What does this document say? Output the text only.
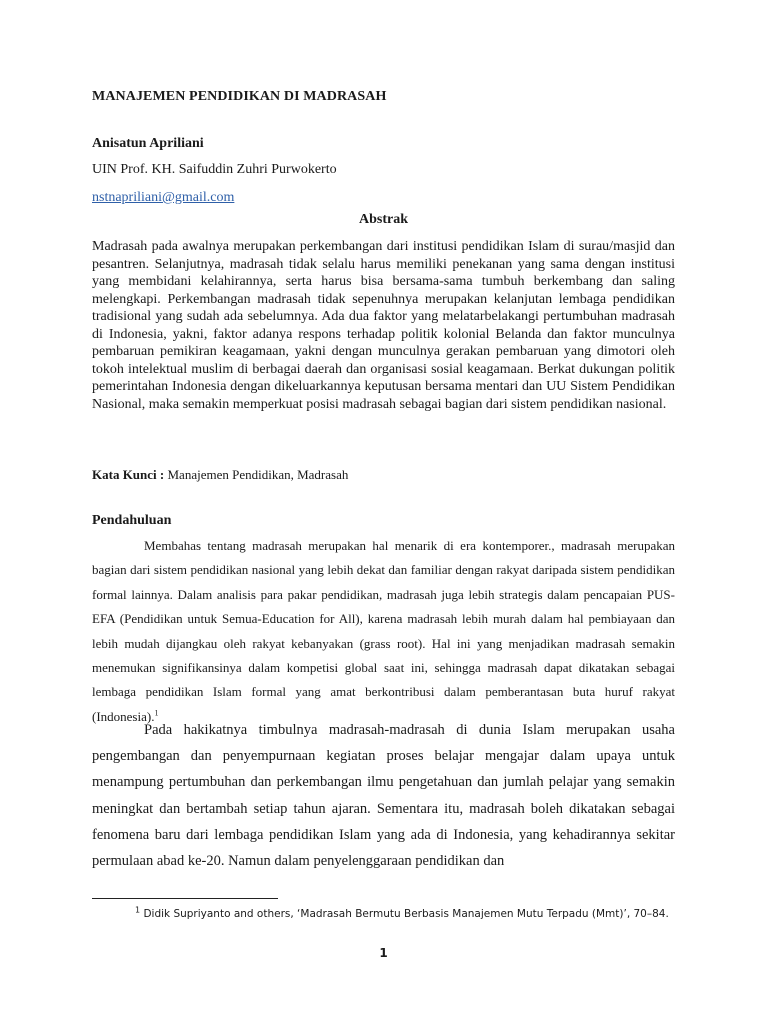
MANAJEMEN PENDIDIKAN DI MADRASAH
Anisatun Apriliani
UIN Prof. KH. Saifuddin Zuhri Purwokerto
nstnapriliani@gmail.com
Abstrak
Madrasah pada awalnya merupakan perkembangan dari institusi pendidikan Islam di surau/masjid dan pesantren. Selanjutnya, madrasah tidak selalu harus memiliki penekanan yang sama dengan institusi yang membidani kelahirannya, serta harus bisa bersama-sama tumbuh berkembang dan saling melengkapi. Perkembangan madrasah tidak sepenuhnya merupakan kelanjutan lembaga pendidikan tradisional yang sudah ada sebelumnya. Ada dua faktor yang melatarbelakangi pertumbuhan madrasah di Indonesia, yakni, faktor adanya respons terhadap politik kolonial Belanda dan faktor munculnya pembaruan pemikiran keagamaan, yakni dengan munculnya gerakan pembaruan yang dimotori oleh tokoh intelektual muslim di berbagai daerah dan organisasi sosial keagamaan. Berkat dukungan politik pemerintahan Indonesia dengan dikeluarkannya keputusan bersama mentari dan UU Sistem Pendidikan Nasional, maka semakin memperkuat posisi madrasah sebagai bagian dari sistem pendidikan nasional.
Kata Kunci : Manajemen Pendidikan, Madrasah
Pendahuluan
Membahas tentang madrasah merupakan hal menarik di era kontemporer., madrasah merupakan bagian dari sistem pendidikan nasional yang lebih dekat dan familiar dengan rakyat daripada sistem pendidikan formal lainnya. Dalam analisis para pakar pendidikan, madrasah juga lebih strategis dalam pencapaian PUS- EFA (Pendidikan untuk Semua-Education for All), karena madrasah lebih murah dalam hal pembiayaan dan lebih mudah dijangkau oleh rakyat kebanyakan (grass root). Hal ini yang menjadikan madrasah semakin menemukan signifikansinya dalam kompetisi global saat ini, sehingga madrasah dapat dikatakan sebagai lembaga pendidikan Islam formal yang amat berkontribusi dalam pemberantasan buta huruf rakyat (Indonesia).$^1$
Pada hakikatnya timbulnya madrasah-madrasah di dunia Islam merupakan usaha pengembangan dan penyempurnaan kegiatan proses belajar mengajar dalam upaya untuk menampung pertumbuhan dan perkembangan ilmu pengetahuan dan jumlah pelajar yang semakin meningkat dan bertambah setiap tahun ajaran. Sementara itu, madrasah boleh dikatakan sebagai fenomena baru dari lembaga pendidikan Islam yang ada di Indonesia, yang kehadirannya sekitar permulaan abad ke-20. Namun dalam penyelenggaraan pendidikan dan
$^1$ Didik Supriyanto and others, ‘Madrasah Bermutu Berbasis Manajemen Mutu Terpadu (Mmt)’, 70–84.
1
